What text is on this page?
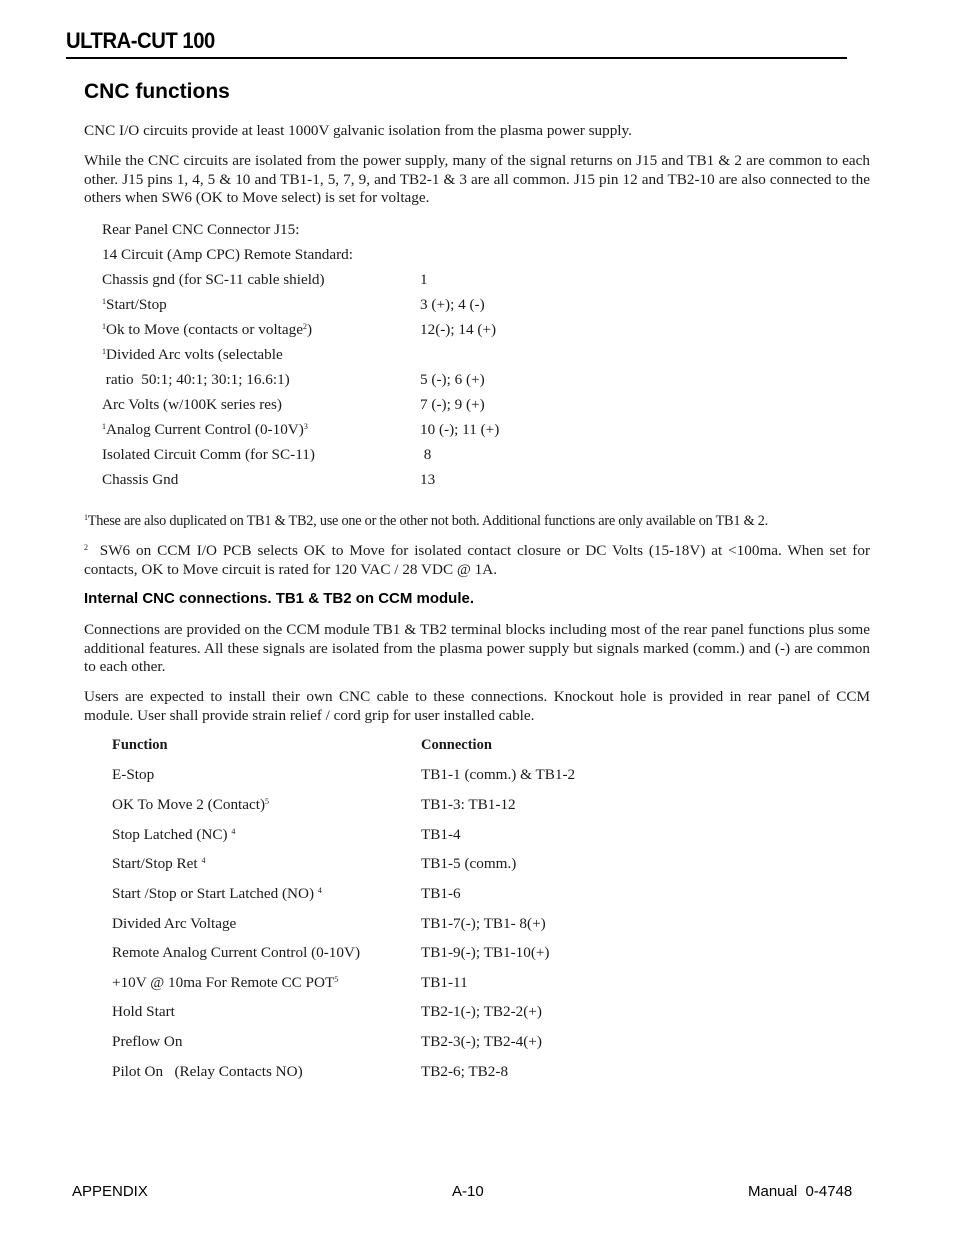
ULTRA-CUT 100
CNC functions

CNC I/O circuits provide at least 1000V galvanic isolation from the plasma power supply.

While the CNC circuits are isolated from the power supply, many of the signal returns on J15 and TB1 & 2 are common to each other. J15 pins 1, 4, 5 & 10 and TB1-1, 5, 7, 9, and TB2-1 & 3 are all common. J15 pin 12 and TB2-10 are also connected to the others when SW6 (OK to Move select) is set for voltage.

Rear Panel CNC Connector J15:
14 Circuit (Amp CPC) Remote Standard:
Chassis gnd (for SC-11 cable shield)	1
$^1$Start/Stop	3 (+); 4 (-)
$^1$Ok to Move (contacts or voltage$^2$)	12(-); 14 (+)
$^1$Divided Arc volts (selectable
ratio  50:1; 40:1; 30:1; 16.6:1)	5 (-); 6 (+)
Arc Volts (w/100K series res)	7 (-); 9 (+)
$^1$Analog Current Control $(0-10V)^3$	10 (-); 11 (+)
Isolated Circuit Comm (for SC-11)	8
Chassis Gnd	13
$^1$These are also duplicated on TB1 & TB2, use one or the other not both. Additional functions are only available on TB1 & 2.

$^2$ SW6 on CCM I/O PCB selects OK to Move for isolated contact closure or DC Volts (15-18V) at <100ma. When set for contacts, OK to Move circuit is rated for 120 VAC / 28 VDC @ 1A.

Internal CNC connections. TB1 & TB2 on CCM module.

Connections are provided on the CCM module TB1 & TB2 terminal blocks including most of the rear panel functions plus some additional features. All these signals are isolated from the plasma power supply but signals marked (comm.) and (-) are common to each other.

Users are expected to install their own CNC cable to these connections. Knockout hole is provided in rear panel of CCM module. User shall provide strain relief / cord grip for user installed cable.

Function	Connection
E-Stop	TB1-1 (comm.) & TB1-2
OK To Move 2 (Contact)$^5$	TB1-3: TB1-12
Stop Latched (NC) $^4$	TB1-4
Start/Stop Ret $^4$	TB1-5 (comm.)
Start /Stop or Start Latched (NO) $^4$	TB1-6
Divided Arc Voltage	TB1-7(-); TB1- 8(+)
Remote Analog Current Control (0-10V)	TB1-9(-); TB1-10(+)
+10V @ 10ma For Remote CC POT$^5$	TB1-11
Hold Start	TB2-1(-); TB2-2(+)
Preflow On	TB2-3(-); TB2-4(+)
Pilot On   (Relay Contacts NO)	TB2-6; TB2-8
APPENDIX	A-10	Manual  0-4748
